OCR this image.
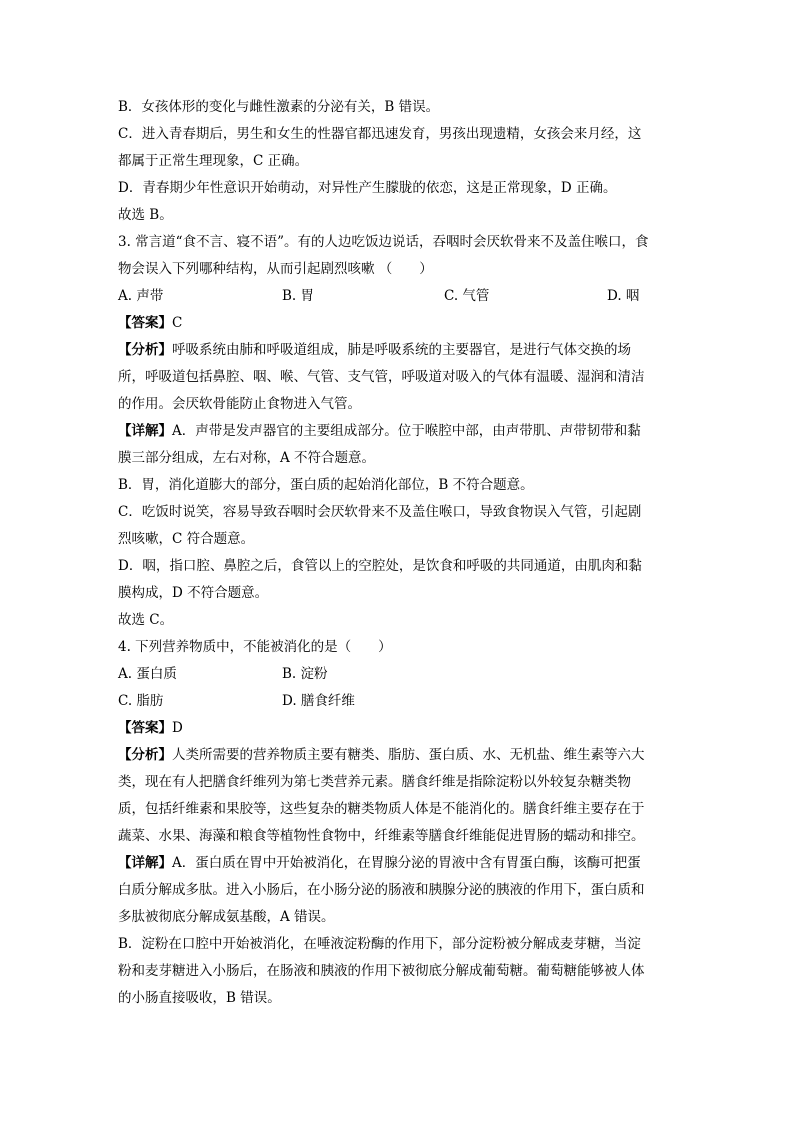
B．女孩体形的变化与雌性激素的分泌有关，B 错误。
C．进入青春期后，男生和女生的性器官都迅速发育，男孩出现遗精，女孩会来月经，这
都属于正常生理现象，C 正确。
D．青春期少年性意识开始萌动，对异性产生朦胧的依恋，这是正常现象，D 正确。
故选 B。
3. 常言道“食不言、寝不语”。有的人边吃饭边说话，吞咽时会厌软骨来不及盖住喉口，食
物会误入下列哪种结构，从而引起剧烈咳嗽 （　　）
A. 声带	B. 胃	C. 气管	D. 咽
【答案】C
【分析】呼吸系统由肺和呼吸道组成，肺是呼吸系统的主要器官，是进行气体交换的场
所，呼吸道包括鼻腔、咽、喉、气管、支气管，呼吸道对吸入的气体有温暖、湿润和清洁
的作用。会厌软骨能防止食物进入气管。
【详解】A．声带是发声器官的主要组成部分。位于喉腔中部，由声带肌、声带韧带和黏
膜三部分组成，左右对称，A 不符合题意。
B．胃，消化道膨大的部分，蛋白质的起始消化部位，B 不符合题意。
C．吃饭时说笑，容易导致吞咽时会厌软骨来不及盖住喉口，导致食物误入气管，引起剧
烈咳嗽，C 符合题意。
D．咽，指口腔、鼻腔之后，食管以上的空腔处，是饮食和呼吸的共同通道，由肌肉和黏
膜构成，D 不符合题意。
故选 C。
4. 下列营养物质中，不能被消化的是（　　）
A. 蛋白质	B. 淀粉
C. 脂肪	D. 膳食纤维
【答案】D
【分析】人类所需要的营养物质主要有糖类、脂肪、蛋白质、水、无机盐、维生素等六大
类，现在有人把膳食纤维列为第七类营养元素。膳食纤维是指除淀粉以外较复杂糖类物
质，包括纤维素和果胶等，这些复杂的糖类物质人体是不能消化的。膳食纤维主要存在于
蔬菜、水果、海藻和粮食等植物性食物中，纤维素等膳食纤维能促进胃肠的蠕动和排空。
【详解】A．蛋白质在胃中开始被消化，在胃腺分泌的胃液中含有胃蛋白酶，该酶可把蛋
白质分解成多肽。进入小肠后，在小肠分泌的肠液和胰腺分泌的胰液的作用下，蛋白质和
多肽被彻底分解成氨基酸，A 错误。
B．淀粉在口腔中开始被消化，在唾液淀粉酶的作用下，部分淀粉被分解成麦芽糖，当淀
粉和麦芽糖进入小肠后，在肠液和胰液的作用下被彻底分解成葡萄糖。葡萄糖能够被人体
的小肠直接吸收，B 错误。
